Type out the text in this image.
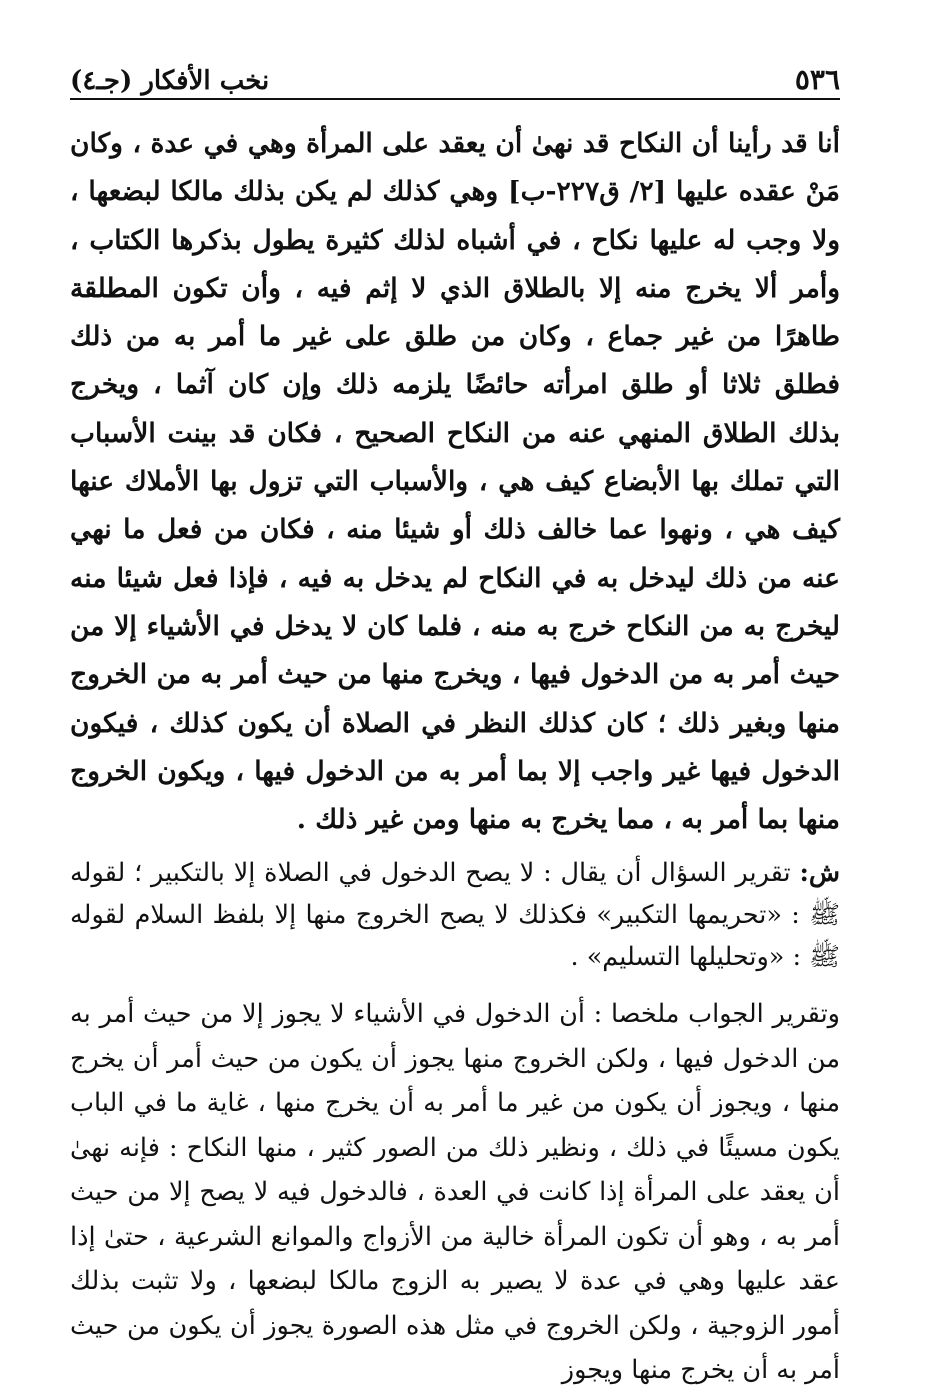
٥٣٦
نخب الأفكار (جـ٤)

أنا قد رأينا أن النكاح قد نهىٰ أن يعقد على المرأة وهي في عدة ، وكان مَنْ عقده عليها [٢/ ق٢٢٧-ب] وهي كذلك لم يكن بذلك مالكا لبضعها ، ولا وجب له عليها نكاح ، في أشباه لذلك كثيرة يطول بذكرها الكتاب ، وأمر ألا يخرج منه إلا بالطلاق الذي لا إثم فيه ، وأن تكون المطلقة طاهرًا من غير جماع ، وكان من طلق على غير ما أمر به من ذلك فطلق ثلاثا أو طلق امرأته حائضًا يلزمه ذلك وإن كان آثما ، ويخرج بذلك الطلاق المنهي عنه من النكاح الصحيح ، فكان قد بينت الأسباب التي تملك بها الأبضاع كيف هي ، والأسباب التي تزول بها الأملاك عنها كيف هي ، ونهوا عما خالف ذلك أو شيئا منه ، فكان من فعل ما نهي عنه من ذلك ليدخل به في النكاح لم يدخل به فيه ، فإذا فعل شيئا منه ليخرج به من النكاح خرج به منه ، فلما كان لا يدخل في الأشياء إلا من حيث أمر به من الدخول فيها ، ويخرج منها من حيث أمر به من الخروج منها وبغير ذلك ؛ كان كذلك النظر في الصلاة أن يكون كذلك ، فيكون الدخول فيها غير واجب إلا بما أمر به من الدخول فيها ، ويكون الخروج منها بما أمر به ، مما يخرج به منها ومن غير ذلك .

ش: تقرير السؤال أن يقال : لا يصح الدخول في الصلاة إلا بالتكبير ؛ لقوله ﷺ : «تحريمها التكبير» فكذلك لا يصح الخروج منها إلا بلفظ السلام لقوله ﷺ : «وتحليلها التسليم» .

وتقرير الجواب ملخصا : أن الدخول في الأشياء لا يجوز إلا من حيث أمر به من الدخول فيها ، ولكن الخروج منها يجوز أن يكون من حيث أمر أن يخرج منها ، ويجوز أن يكون من غير ما أمر به أن يخرج منها ، غاية ما في الباب يكون مسيئًا في ذلك ، ونظير ذلك من الصور كثير ، منها النكاح : فإنه نهىٰ أن يعقد على المرأة إذا كانت في العدة ، فالدخول فيه لا يصح إلا من حيث أمر به ، وهو أن تكون المرأة خالية من الأزواج والموانع الشرعية ، حتىٰ إذا عقد عليها وهي في عدة لا يصير به الزوج مالكا لبضعها ، ولا تثبت بذلك أمور الزوجية ، ولكن الخروج في مثل هذه الصورة يجوز أن يكون من حيث أمر به أن يخرج منها ويجوز
